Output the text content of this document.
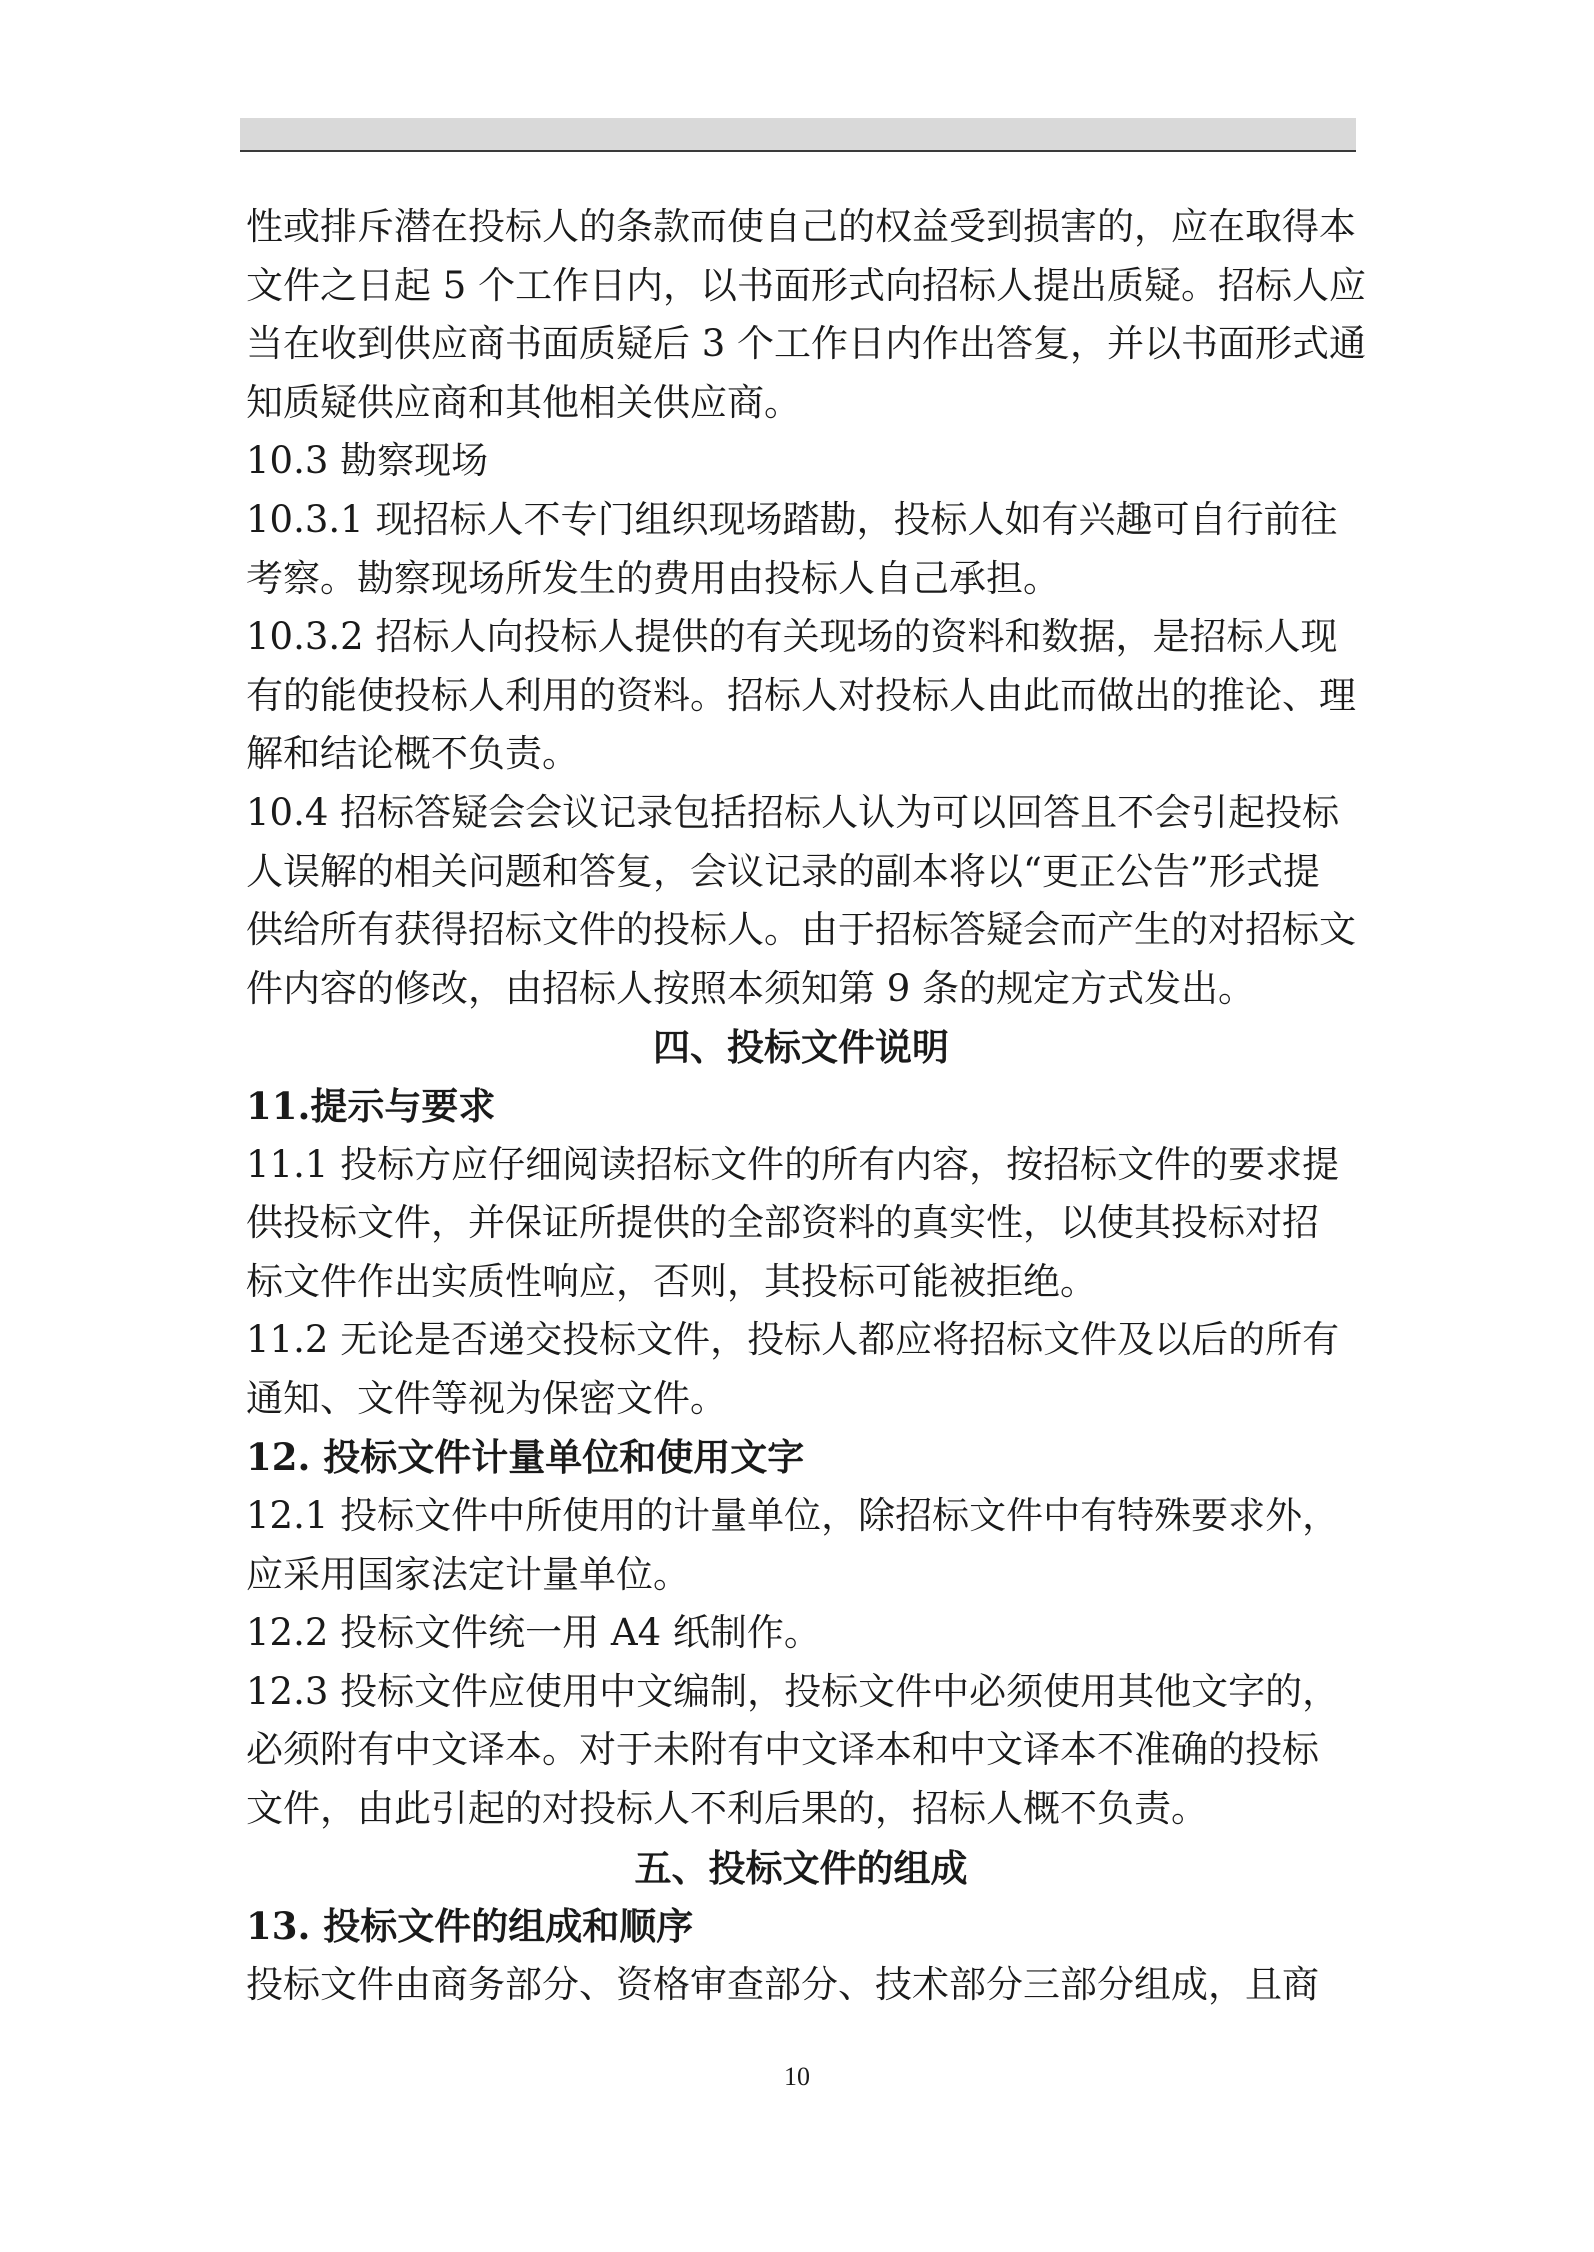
性或排斥潜在投标人的条款而使自己的权益受到损害的，应在取得本

文件之日起 5 个工作日内，以书面形式向招标人提出质疑。招标人应

当在收到供应商书面质疑后 3 个工作日内作出答复，并以书面形式通

知质疑供应商和其他相关供应商。

10.3 勘察现场

10.3.1 现招标人不专门组织现场踏勘，投标人如有兴趣可自行前往

考察。勘察现场所发生的费用由投标人自己承担。

10.3.2 招标人向投标人提供的有关现场的资料和数据，是招标人现

有的能使投标人利用的资料。招标人对投标人由此而做出的推论、理

解和结论概不负责。

10.4 招标答疑会会议记录包括招标人认为可以回答且不会引起投标

人误解的相关问题和答复，会议记录的副本将以“更正公告”形式提

供给所有获得招标文件的投标人。由于招标答疑会而产生的对招标文

件内容的修改，由招标人按照本须知第 9 条的规定方式发出。

四、投标文件说明

11.提示与要求

11.1 投标方应仔细阅读招标文件的所有内容，按招标文件的要求提

供投标文件，并保证所提供的全部资料的真实性，以使其投标对招

标文件作出实质性响应，否则，其投标可能被拒绝。

11.2 无论是否递交投标文件，投标人都应将招标文件及以后的所有

通知、文件等视为保密文件。

12. 投标文件计量单位和使用文字

12.1 投标文件中所使用的计量单位，除招标文件中有特殊要求外，

应采用国家法定计量单位。

12.2 投标文件统一用 A4 纸制作。

12.3 投标文件应使用中文编制，投标文件中必须使用其他文字的，

必须附有中文译本。对于未附有中文译本和中文译本不准确的投标

文件，由此引起的对投标人不利后果的，招标人概不负责。

五、投标文件的组成

13. 投标文件的组成和顺序

投标文件由商务部分、资格审查部分、技术部分三部分组成，且商

10
